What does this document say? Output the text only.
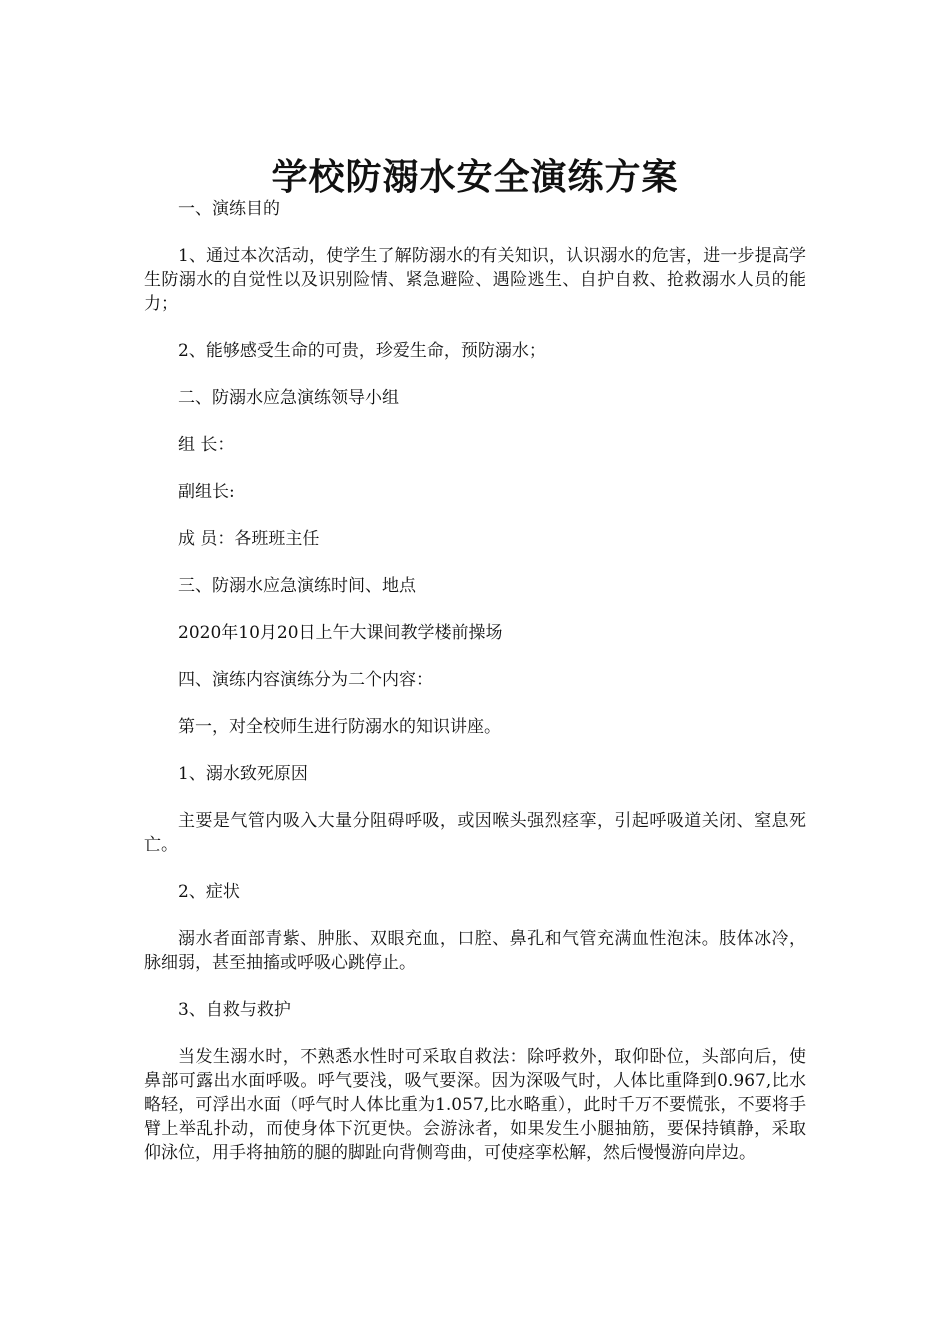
学校防溺水安全演练方案

一、演练目的

1、通过本次活动，使学生了解防溺水的有关知识，认识溺水的危害，进一步提高学生防溺水的自觉性以及识别险情、紧急避险、遇险逃生、自护自救、抢救溺水人员的能力；

2、能够感受生命的可贵，珍爱生命，预防溺水；

二、防溺水应急演练领导小组

组 长：

副组长:

成 员：各班班主任

三、防溺水应急演练时间、地点

2020年10月20日上午大课间教学楼前操场

四、演练内容演练分为二个内容：

第一，对全校师生进行防溺水的知识讲座。

1、溺水致死原因

主要是气管内吸入大量分阻碍呼吸，或因喉头强烈痉挛，引起呼吸道关闭、窒息死亡。

2、症状

溺水者面部青紫、肿胀、双眼充血，口腔、鼻孔和气管充满血性泡沫。肢体冰冷，脉细弱，甚至抽搐或呼吸心跳停止。

3、自救与救护

当发生溺水时，不熟悉水性时可采取自救法：除呼救外，取仰卧位，头部向后，使鼻部可露出水面呼吸。呼气要浅，吸气要深。因为深吸气时，人体比重降到0.967,比水略轻，可浮出水面（呼气时人体比重为1.057,比水略重），此时千万不要慌张，不要将手臂上举乱扑动，而使身体下沉更快。会游泳者，如果发生小腿抽筋，要保持镇静，采取仰泳位，用手将抽筋的腿的脚趾向背侧弯曲，可使痉挛松解，然后慢慢游向岸边。
